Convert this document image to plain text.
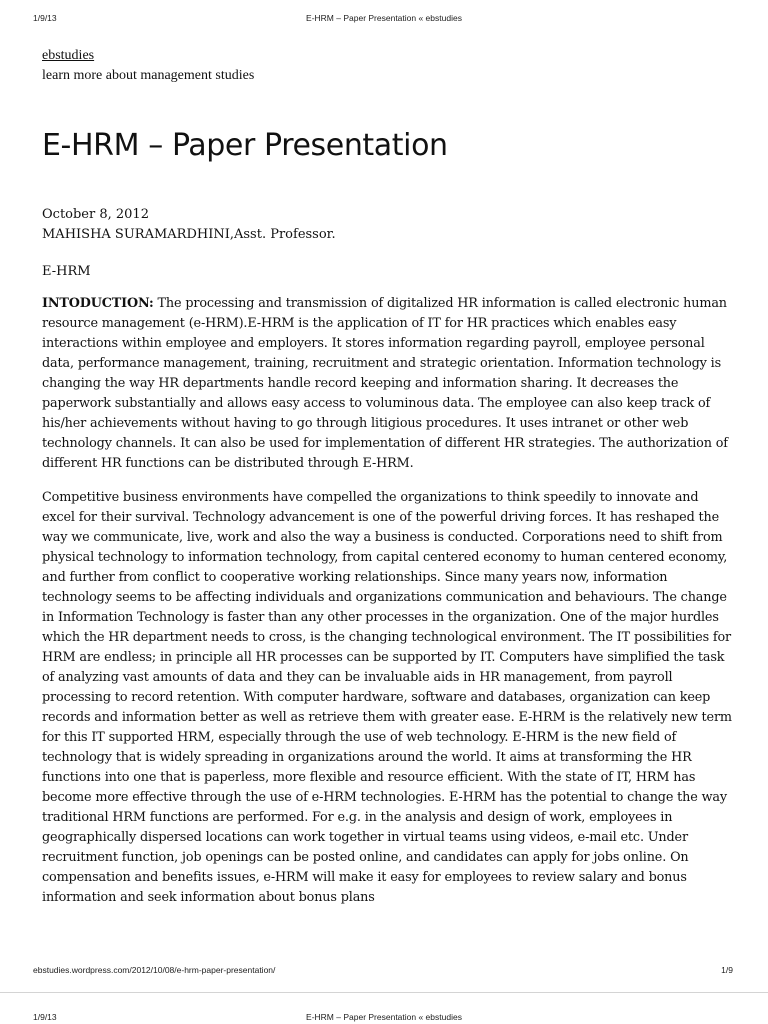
1/9/13	E-HRM – Paper Presentation « ebstudies
ebstudies

learn more about management studies

E-HRM – Paper Presentation
October 8, 2012
MAHISHA SURAMARDHINI,Asst. Professor.
E-HRM

INTODUCTION: The processing and transmission of digitalized HR information is called electronic human resource management (e-HRM).E-HRM is the application of IT for HR practices which enables easy interactions within employee and employers. It stores information regarding payroll, employee personal data, performance management, training, recruitment and strategic orientation. Information technology is changing the way HR departments handle record keeping and information sharing. It decreases the paperwork substantially and allows easy access to voluminous data. The employee can also keep track of his/her achievements without having to go through litigious procedures. It uses intranet or other web technology channels. It can also be used for implementation of different HR strategies. The authorization of different HR functions can be distributed through E-HRM.

Competitive business environments have compelled the organizations to think speedily to innovate and excel for their survival. Technology advancement is one of the powerful driving forces. It has reshaped the way we communicate, live, work and also the way a business is conducted. Corporations need to shift from physical technology to information technology, from capital centered economy to human centered economy, and further from conflict to cooperative working relationships. Since many years now, information technology seems to be affecting individuals and organizations communication and behaviours. The change in Information Technology is faster than any other processes in the organization. One of the major hurdles which the HR department needs to cross, is the changing technological environment. The IT possibilities for HRM are endless; in principle all HR processes can be supported by IT. Computers have simplified the task of analyzing vast amounts of data and they can be invaluable aids in HR management, from payroll processing to record retention. With computer hardware, software and databases, organization can keep records and information better as well as retrieve them with greater ease. E-HRM is the relatively new term for this IT supported HRM, especially through the use of web technology. E-HRM is the new field of technology that is widely spreading in organizations around the world. It aims at transforming the HR functions into one that is paperless, more flexible and resource efficient. With the state of IT, HRM has become more effective through the use of e-HRM technologies. E-HRM has the potential to change the way traditional HRM functions are performed. For e.g. in the analysis and design of work, employees in geographically dispersed locations can work together in virtual teams using videos, e-mail etc. Under recruitment function, job openings can be posted online, and candidates can apply for jobs online. On compensation and benefits issues, e-HRM will make it easy for employees to review salary and bonus information and seek information about bonus plans

ebstudies.wordpress.com/2012/10/08/e-hrm-paper-presentation/	1/9
1/9/13	E-HRM – Paper Presentation « ebstudies
